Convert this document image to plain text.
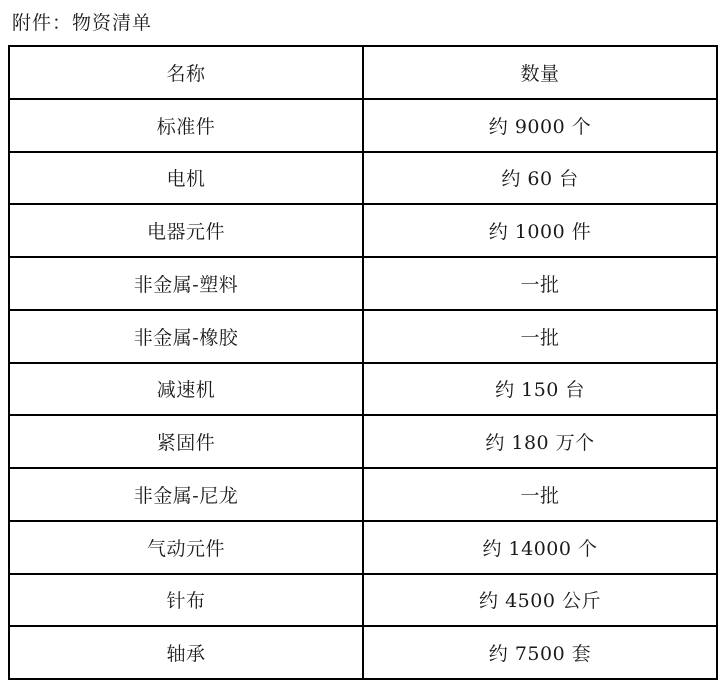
附件：物资清单
名称	数量
标准件	约 9000 个
电机	约 60 台
电器元件	约 1000 件
非金属-塑料	一批
非金属-橡胶	一批
减速机	约 150 台
紧固件	约 180 万个
非金属-尼龙	一批
气动元件	约 14000 个
针布	约 4500 公斤
轴承	约 7500 套
